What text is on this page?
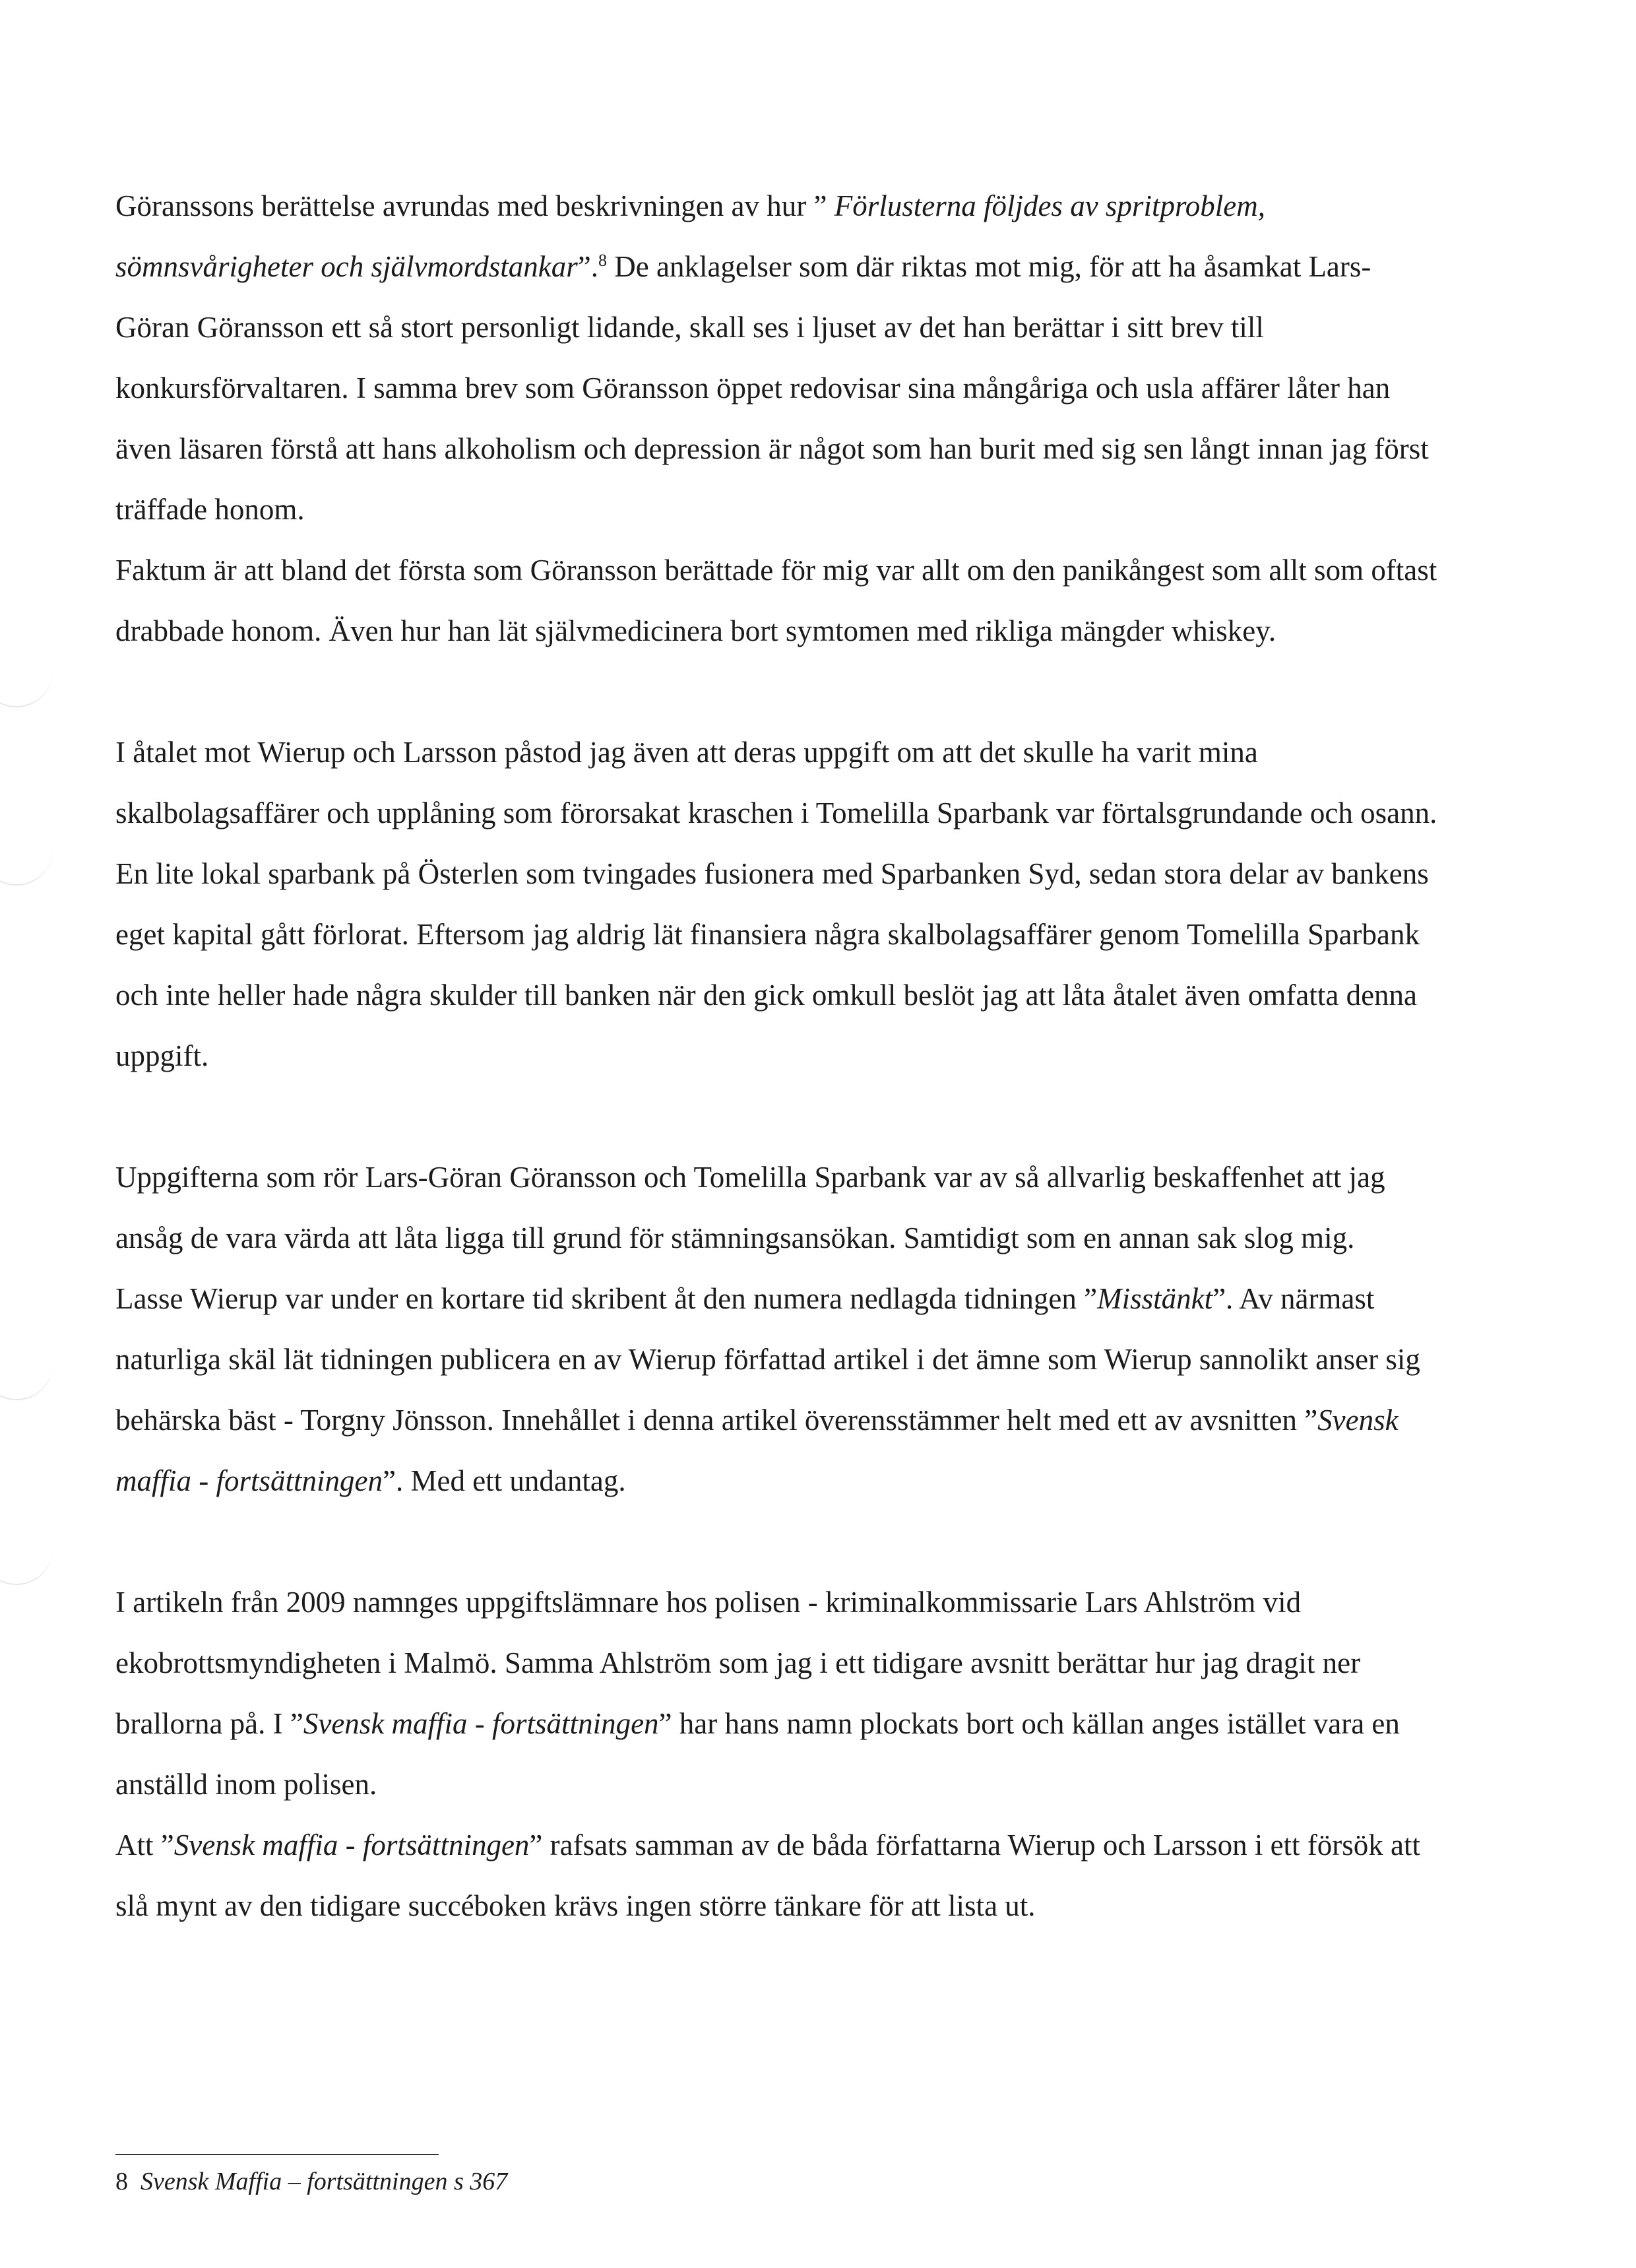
Göranssons berättelse avrundas med beskrivningen av hur ” Förlusterna följdes av spritproblem, sömnsvårigheter och självmordstankar”.$^8$ De anklagelser som där riktas mot mig, för att ha åsamkat Lars-Göran Göransson ett så stort personligt lidande, skall ses i ljuset av det han berättar i sitt brev till konkursförvaltaren. I samma brev som Göransson öppet redovisar sina mångåriga och usla affärer låter han även läsaren förstå att hans alkoholism och depression är något som han burit med sig sen långt innan jag först träffade honom.

Faktum är att bland det första som Göransson berättade för mig var allt om den panikångest som allt som oftast drabbade honom. Även hur han lät självmedicinera bort symtomen med rikliga mängder whiskey.

I åtalet mot Wierup och Larsson påstod jag även att deras uppgift om att det skulle ha varit mina skalbolagsaffärer och upplåning som förorsakat kraschen i Tomelilla Sparbank var förtalsgrundande och osann. En lite lokal sparbank på Österlen som tvingades fusionera med Sparbanken Syd, sedan stora delar av bankens eget kapital gått förlorat. Eftersom jag aldrig lät finansiera några skalbolagsaffärer genom Tomelilla Sparbank och inte heller hade några skulder till banken när den gick omkull beslöt jag att låta åtalet även omfatta denna uppgift.

Uppgifterna som rör Lars-Göran Göransson och Tomelilla Sparbank var av så allvarlig beskaffenhet att jag ansåg de vara värda att låta ligga till grund för stämningsansökan. Samtidigt som en annan sak slog mig.

Lasse Wierup var under en kortare tid skribent åt den numera nedlagda tidningen ”Misstänkt”. Av närmast naturliga skäl lät tidningen publicera en av Wierup författad artikel i det ämne som Wierup sannolikt anser sig behärska bäst - Torgny Jönsson. Innehållet i denna artikel överensstämmer helt med ett av avsnitten ”Svensk maffia - fortsättningen”. Med ett undantag.

I artikeln från 2009 namnges uppgiftslämnare hos polisen - kriminalkommissarie Lars Ahlström vid ekobrottsmyndigheten i Malmö. Samma Ahlström som jag i ett tidigare avsnitt berättar hur jag dragit ner brallorna på. I ”Svensk maffia - fortsättningen” har hans namn plockats bort och källan anges istället vara en anställd inom polisen.

Att ”Svensk maffia - fortsättningen” rafsats samman av de båda författarna Wierup och Larsson i ett försök att slå mynt av den tidigare succéboken krävs ingen större tänkare för att lista ut.

8 Svensk Maffia – fortsättningen s 367
